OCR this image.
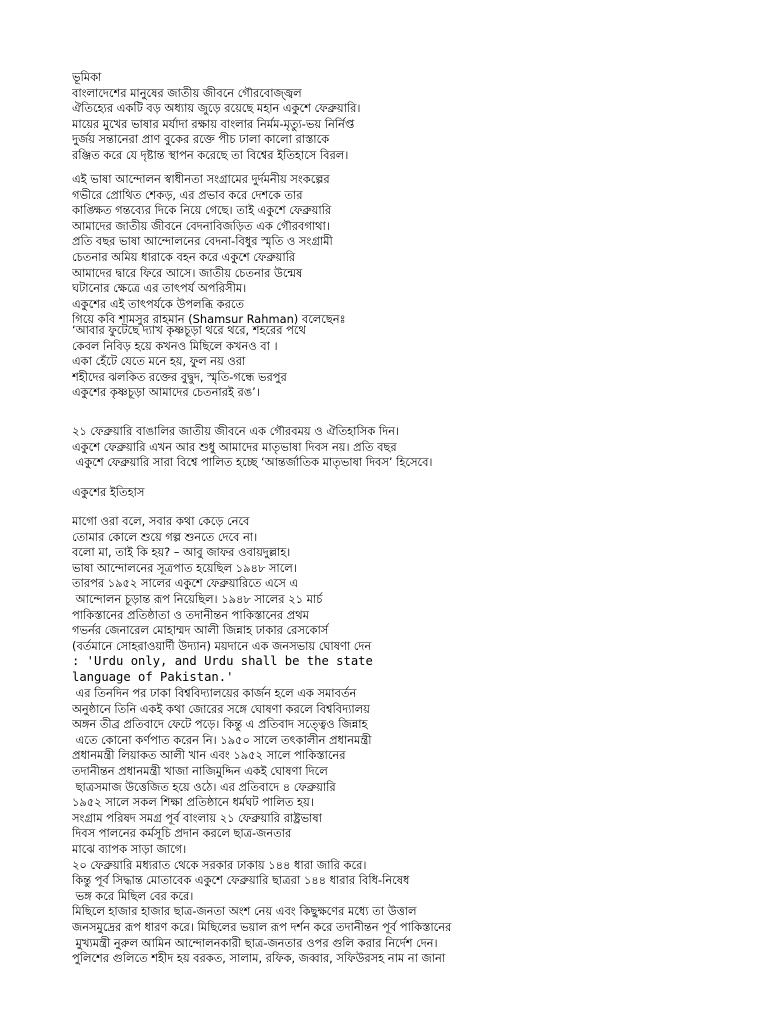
ভূমিকা
বাংলাদেশের মানুষের জাতীয় জীবনে গৌরবোজ্জ্বল
ঐতিহ্যের একটি বড় অধ্যায় জুড়ে রয়েছে মহান একুশে ফেব্রুয়ারি।
মায়ের মুখের ভাষার মর্যাদা রক্ষায় বাংলার নির্মম-মৃত্যু-ভয় নির্নিপ্ত
দুর্জয় সন্তানেরা প্রাণ বুকের রক্তে পীচ ঢালা কালো রাস্তাকে
রঞ্জিত করে যে দৃষ্টান্ত স্থাপন করেছে তা বিশ্বের ইতিহাসে বিরল।
এই ভাষা আন্দোলন স্বাধীনতা সংগ্রামের দুর্দমনীয় সংকল্পের
গভীরে প্রোথিত শেকড়, এর প্রভাব করে দেশকে তার
কাঙ্ক্ষিত গন্তব্যের দিকে নিয়ে গেছে। তাই একুশে ফেব্রুয়ারি
আমাদের জাতীয় জীবনে বেদনাবিজড়িত এক গৌরবগাথা।
প্রতি বছর ভাষা আন্দোলনের বেদনা-বিধুর স্মৃতি ও সংগ্রামী
চেতনার অমিয় ধারাকে বহন করে একুশে ফেব্রুয়ারি
আমাদের দ্বারে ফিরে আসে। জাতীয় চেতনার উন্মেষ
ঘটানোর ক্ষেত্রে এর তাৎপর্য অপরিসীম।
একুশের এই তাৎপর্যকে উপলব্ধি করতে
গিয়ে কবি শামসুর রাহমান (Shamsur Rahman) বলেছেনঃ
‘আবার ফুটেছে দ্যাখ কৃষ্ণচূড়া থরে থরে, শহরের পথে
কেবল নিবিড় হয়ে কখনও মিছিলে কখনও বা ।
একা হেঁটে যেতে মনে হয়, ফুল নয় ওরা
শহীদের ঝলকিত রক্তের বুদ্বুদ, স্মৃতি-গন্ধে ভরপুর
একুশের কৃষ্ণচূড়া আমাদের চেতনারই রঙ’।
২১ ফেব্রুয়ারি বাঙালির জাতীয় জীবনে এক গৌরবময় ও ঐতিহাসিক দিন।
একুশে ফেব্রুয়ারি এখন আর শুধু আমাদের মাতৃভাষা দিবস নয়। প্রতি বছর
একুশে ফেব্রুয়ারি সারা বিশ্বে পালিত হচ্ছে ‘আন্তর্জাতিক মাতৃভাষা দিবস’ হিসেবে।
একুশের ইতিহাস
মাগো ওরা বলে, সবার কথা কেড়ে নেবে
তোমার কোলে শুয়ে গল্প শুনতে দেবে না।
বলো মা, তাই কি হয়? – আবু জাফর ওবায়দুল্লাহ।
ভাষা আন্দোলনের সূত্রপাত হয়েছিল ১৯৪৮ সালে।
তারপর ১৯৫২ সালের একুশে ফেব্রুয়ারিতে এসে এ
আন্দোলন চূড়ান্ত রূপ নিয়েছিল। ১৯৪৮ সালের ২১ মার্চ
পাকিস্তানের প্রতিষ্ঠাতা ও তদানীন্তন পাকিস্তানের প্রথম
গভর্নর জেনারেল মোহাম্মদ আলী জিন্নাহ ঢাকার রেসকোর্স
(বর্তমানে সোহরাওয়ার্দী উদ্যান) ময়দানে এক জনসভায় ঘোষণা দেন
: 'Urdu only, and Urdu shall be the state
language of Pakistan.'
এর তিনদিন পর ঢাকা বিশ্ববিদ্যালয়ের কার্জন হলে এক সমাবর্তন
অনুষ্ঠানে তিনি একই কথা জোরের সঙ্গে ঘোষণা করলে বিশ্ববিদ্যালয়
অঙ্গন তীব্র প্রতিবাদে ফেটে পড়ে। কিন্তু এ প্রতিবাদ সত্ত্বেও জিন্নাহ
এতে কোনো কর্ণপাত করেন নি। ১৯৫০ সালে তৎকালীন প্রধানমন্ত্রী
প্রধানমন্ত্রী লিয়াকত আলী খান এবং ১৯৫২ সালে পাকিস্তানের
তদানীন্তন প্রধানমন্ত্রী খাজা নাজিমুদ্দিন একই ঘোষণা দিলে
ছাত্রসমাজ উত্তেজিত হয়ে ওঠে। এর প্রতিবাদে ৪ ফেব্রুয়ারি
১৯৫২ সালে সকল শিক্ষা প্রতিষ্ঠানে ধর্মঘট পালিত হয়।
সংগ্রাম পরিষদ সমগ্র পূর্ব বাংলায় ২১ ফেব্রুয়ারি রাষ্ট্রভাষা
দিবস পালনের কর্মসূচি প্রদান করলে ছাত্র-জনতার
মাঝে ব্যাপক সাড়া জাগে।
২০ ফেব্রুয়ারি মধ্যরাত থেকে সরকার ঢাকায় ১৪৪ ধারা জারি করে।
কিন্তু পূর্ব সিদ্ধান্ত মোতাবেক একুশে ফেব্রুয়ারি ছাত্ররা ১৪৪ ধারার বিধি-নিষেধ
ভঙ্গ করে মিছিল বের করে।
মিছিলে হাজার হাজার ছাত্র-জনতা অংশ নেয় এবং কিছুক্ষণের মধ্যে তা উত্তাল
জনসমুদ্রের রূপ ধারণ করে। মিছিলের ভয়াল রূপ দর্শন করে তদানীন্তন পূর্ব পাকিস্তানের
মুখ্যমন্ত্রী নুরুল আমিন আন্দোলনকারী ছাত্র-জনতার ওপর গুলি করার নির্দেশ দেন।
পুলিশের গুলিতে শহীদ হয় বরকত, সালাম, রফিক, জব্বার, সফিউরসহ নাম না জানা
